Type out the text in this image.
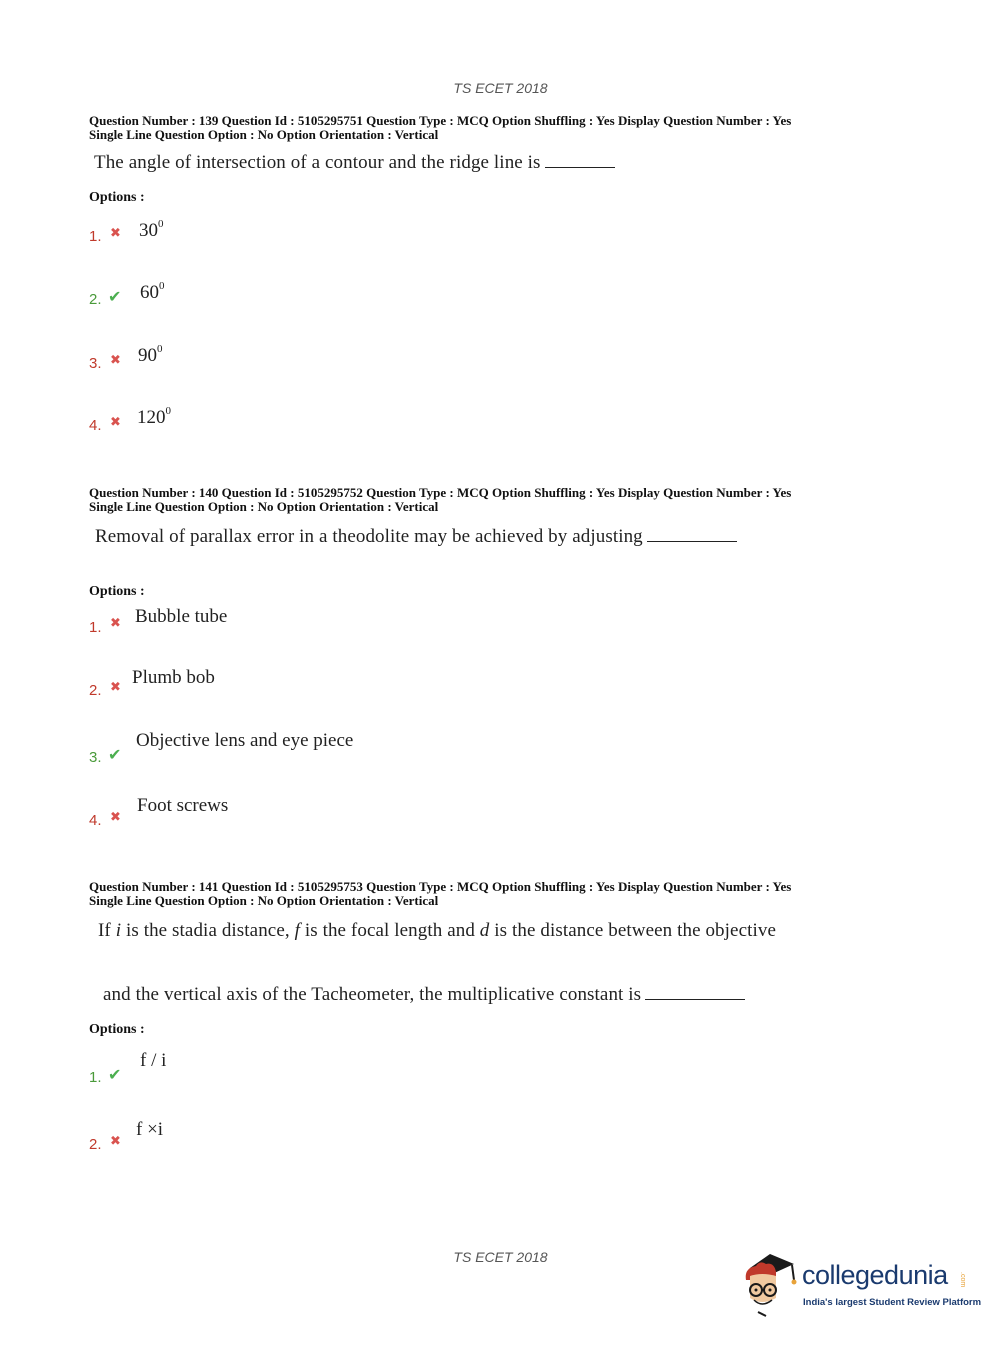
TS ECET 2018
Question Number : 139 Question Id : 5105295751 Question Type : MCQ Option Shuffling : Yes Display Question Number : Yes
Single Line Question Option : No Option Orientation : Vertical
The angle of intersection of a contour and the ridge line is
Options :
1. ✖ $30^0$
2. ✔ $60^0$
3. ✖ $90^0$
4. ✖ $120^0$
Question Number : 140 Question Id : 5105295752 Question Type : MCQ Option Shuffling : Yes Display Question Number : Yes
Single Line Question Option : No Option Orientation : Vertical
Removal of parallax error in a theodolite may be achieved by adjusting
Options :
1. ✖ Bubble tube
2. ✖ Plumb bob
3. ✔
Objective lens and eye piece
4. ✖
Foot screws
Question Number : 141 Question Id : 5105295753 Question Type : MCQ Option Shuffling : Yes Display Question Number : Yes
Single Line Question Option : No Option Orientation : Vertical
If i is the stadia distance, f is the focal length and d is the distance between the objective
and the vertical axis of the Tacheometer, the multiplicative constant is
Options :
1. ✔
f / i
2. ✖
f ×i
TS ECET 2018
collegedunia .com
India's largest Student Review Platform
